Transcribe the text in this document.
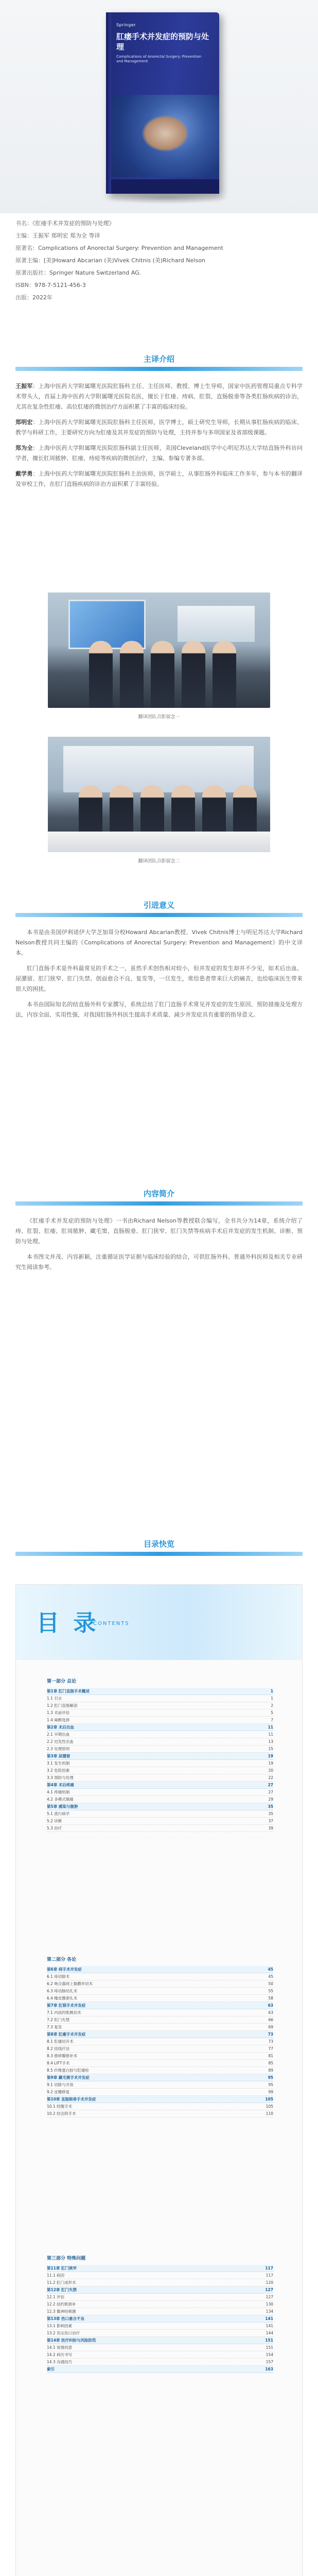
Springer
肛瘘手术并发症的预防与处理
Complications of Anorectal Surgery: Prevention and Management

书名：《肛瘘手术并发症的预防与处理》

主编：王振军 郑明宏 郑为全 等译

原著名：Complications of Anorectal Surgery: Prevention and Management

原著主编：[美]Howard Abcarian (美)Vivek Chitnis (美)Richard Nelson

原著出版社：Springer Nature Switzerland AG.

ISBN：978-7-5121-456-3

出版：2022年

主译介绍

王振军：上海中医药大学附属曙光医院肛肠科主任、主任医师、教授、博士生导师，国家中医药管理局重点专科学术带头人，首届上海中医药大学附属曙光医院名医，擅长于肛瘘、痔病、肛裂、直肠脱垂等各类肛肠疾病的诊治，尤其在复杂性肛瘘、高位肛瘘的微创治疗方面积累了丰富的临床经验。

郑明宏：上海中医药大学附属曙光医院肛肠科主任医师，医学博士，硕士研究生导师，长期从事肛肠疾病的临床、教学与科研工作，主要研究方向为肛瘘及其并发症的预防与处理，主持并参与多项国家及省部级课题。

郑为全：上海中医药大学附属曙光医院肛肠科副主任医师，美国Cleveland医学中心明尼苏达大学结直肠外科访问学者，擅长肛周脓肿、肛瘘、痔疮等疾病的微创治疗，主编、参编专著多部。

戴学勇：上海中医药大学附属曙光医院肛肠科主治医师，医学硕士，从事肛肠外科临床工作多年，参与本书的翻译及审校工作，在肛门直肠疾病的诊治方面积累了丰富经验。

翻译团队合影留念一
翻译团队合影留念二
引进意义

本书是由美国伊利诺伊大学芝加哥分校Howard Abcarian教授、Vivek Chitnis博士与明尼苏达大学Richard Nelson教授共同主编的《Complications of Anorectal Surgery: Prevention and Management》的中文译本。

肛门直肠手术是外科最常见的手术之一，虽然手术创伤相对较小，但并发症的发生却并不少见，如术后出血、尿潴留、肛门狭窄、肛门失禁、创面愈合不良、复发等，一旦发生，常给患者带来巨大的痛苦，也给临床医生带来很大的困扰。

本书由国际知名的结直肠外科专家撰写，系统总结了肛门直肠手术常见并发症的发生原因、预防措施及处理方法，内容全面、实用性强，对我国肛肠外科医生提高手术质量、减少并发症具有重要的指导意义。

内容简介

《肛瘘手术并发症的预防与处理》一书由Richard Nelson等教授联合编写，全书共分为14章，系统介绍了痔、肛裂、肛瘘、肛周脓肿、藏毛窦、直肠脱垂、肛门狭窄、肛门失禁等疾病手术后并发症的发生机制、诊断、预防与处理。

本书图文并茂、内容新颖，注重循证医学证据与临床经验的结合，可供肛肠外科、普通外科医师及相关专业研究生阅读参考。

目录快览
目 录
CONTENTS
第一部分 总论
第1章 肛门直肠手术概述	1
1.1 引言	1
1.2 肛门直肠解剖	2
1.3 术前评估	5
1.4 麻醉选择	7
第2章 术后出血	11
2.1 早期出血	11
2.2 迟发性出血	13
2.3 处理原则	15
第3章 尿潴留	19
3.1 发生机制	19
3.2 危险因素	20
3.3 预防与处理	22
第4章 术后疼痛	27
4.1 疼痛机制	27
4.2 多模式镇痛	29
第5章 感染与脓肿	35
5.1 流行病学	35
5.2 诊断	37
5.3 治疗	39
第二部分 各论
第6章 痔手术并发症	45
6.1 痔切除术	45
6.2 吻合器痔上黏膜环切术	50
6.3 痔动脉结扎术	55
6.4 橡皮圈套扎术	58
第7章 肛裂手术并发症	63
7.1 内括约肌侧切术	63
7.2 肛门失禁	66
7.3 复发	69
第8章 肛瘘手术并发症	73
8.1 肛瘘切开术	73
8.2 挂线疗法	77
8.3 推移瓣修补术	81
8.4 LIFT手术	85
8.5 纤维蛋白胶与肛瘘栓	89
第9章 藏毛窦手术并发症	95
9.1 切除与开放	95
9.2 皮瓣修复	99
第10章 直肠脱垂手术并发症	105
10.1 经腹手术	105
10.2 经会阴手术	110
第三部分 特殊问题
第11章 肛门狭窄	117
11.1 病因	117
11.2 肛门成形术	120
第12章 肛门失禁	127
12.1 评估	127
12.2 括约肌修补	130
12.3 骶神经刺激	134
第13章 伤口愈合不良	141
13.1 影响因素	141
13.2 负压伤口治疗	144
第14章 医疗纠纷与风险防范	151
14.1 知情同意	151
14.2 病历书写	154
14.3 沟通技巧	157
索引	163
